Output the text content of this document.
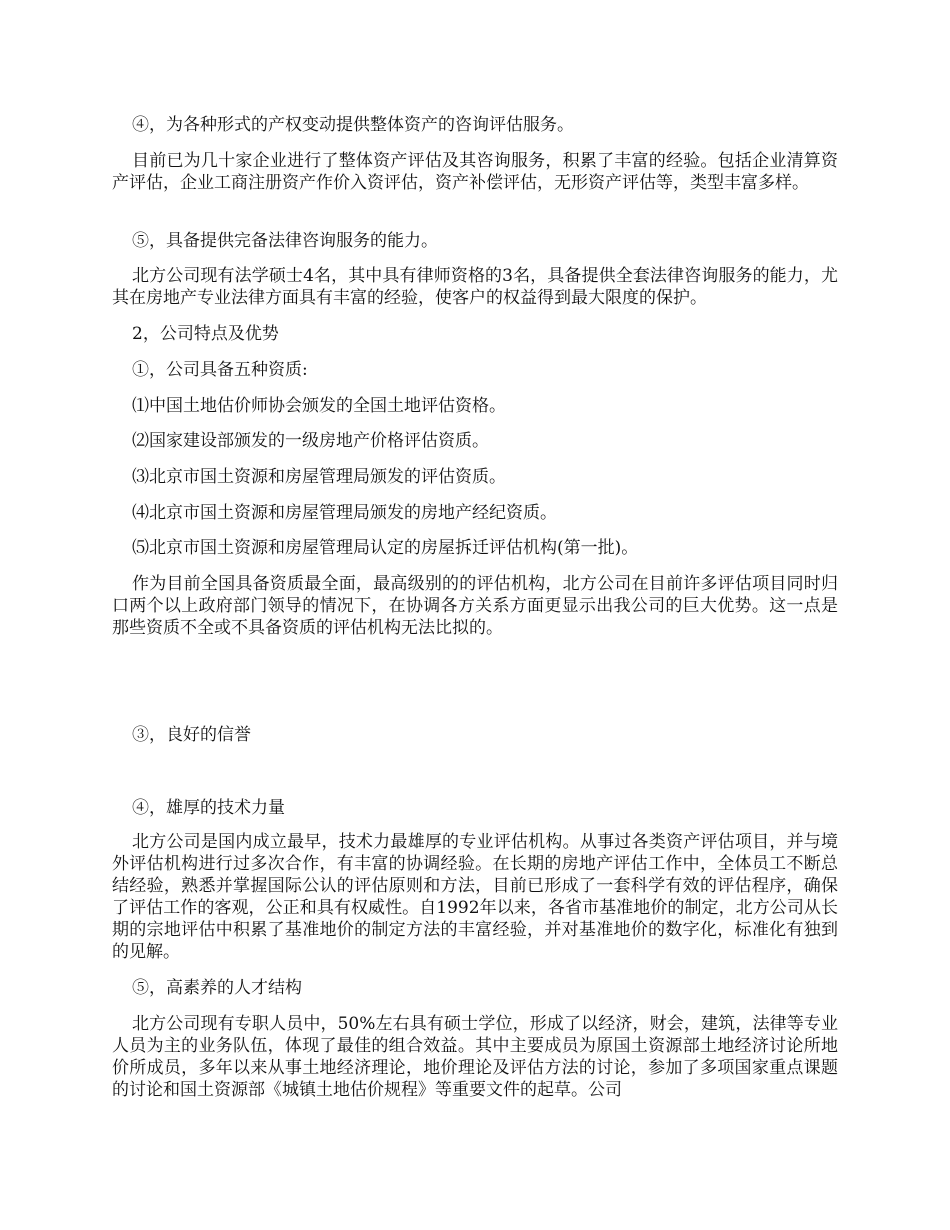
④，为各种形式的产权变动提供整体资产的咨询评估服务。

目前已为几十家企业进行了整体资产评估及其咨询服务，积累了丰富的经验。包括企业清算资产评估，企业工商注册资产作价入资评估，资产补偿评估，无形资产评估等，类型丰富多样。

⑤，具备提供完备法律咨询服务的能力。

北方公司现有法学硕士4名，其中具有律师资格的3名，具备提供全套法律咨询服务的能力，尤其在房地产专业法律方面具有丰富的经验，使客户的权益得到最大限度的保护。

2，公司特点及优势

①，公司具备五种资质:

⑴中国土地估价师协会颁发的全国土地评估资格。

⑵国家建设部颁发的一级房地产价格评估资质。

⑶北京市国土资源和房屋管理局颁发的评估资质。

⑷北京市国土资源和房屋管理局颁发的房地产经纪资质。

⑸北京市国土资源和房屋管理局认定的房屋拆迁评估机构(第一批)。

作为目前全国具备资质最全面，最高级别的的评估机构，北方公司在目前许多评估项目同时归口两个以上政府部门领导的情况下，在协调各方关系方面更显示出我公司的巨大优势。这一点是那些资质不全或不具备资质的评估机构无法比拟的。

③，良好的信誉

④，雄厚的技术力量

北方公司是国内成立最早，技术力最雄厚的专业评估机构。从事过各类资产评估项目，并与境外评估机构进行过多次合作，有丰富的协调经验。在长期的房地产评估工作中，全体员工不断总结经验，熟悉并掌握国际公认的评估原则和方法，目前已形成了一套科学有效的评估程序，确保了评估工作的客观，公正和具有权威性。自1992年以来，各省市基准地价的制定，北方公司从长期的宗地评估中积累了基准地价的制定方法的丰富经验，并对基准地价的数字化，标准化有独到的见解。

⑤，高素养的人才结构

北方公司现有专职人员中，50%左右具有硕士学位，形成了以经济，财会，建筑，法律等专业人员为主的业务队伍，体现了最佳的组合效益。其中主要成员为原国土资源部土地经济讨论所地价所成员，多年以来从事土地经济理论，地价理论及评估方法的讨论，参加了多项国家重点课题的讨论和国土资源部《城镇土地估价规程》等重要文件的起草。公司
